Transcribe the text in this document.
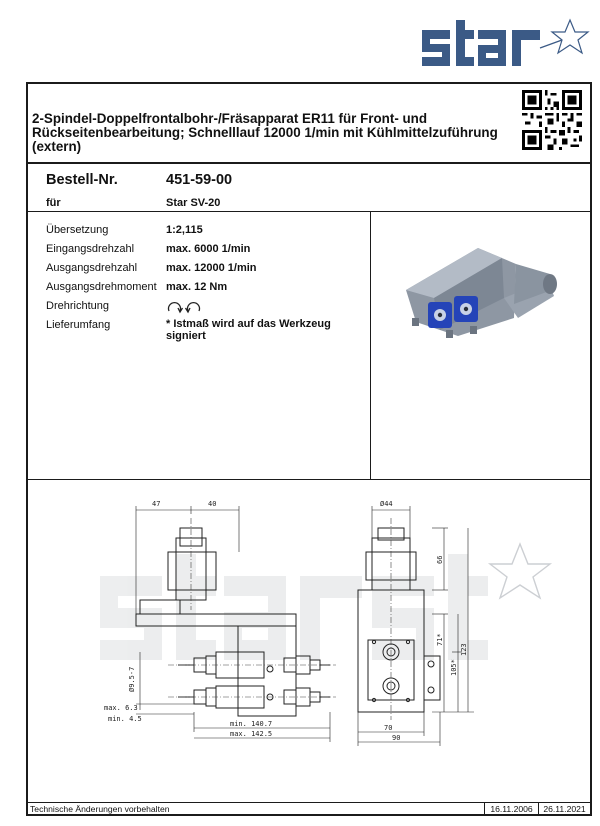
2-Spindel-Doppelfrontalbohr-/Fräsapparat ER11 für Front- und Rückseitenbearbeitung; Schnelllauf 12000 1/min mit Kühlmittelzuführung (extern)
Bestell-Nr.	451-59-00
für	Star SV-20
Übersetzung	1:2,115
Eingangsdrehzahl	max. 6000 1/min
Ausgangsdrehzahl	max. 12000 1/min
Ausgangsdrehmoment max. 12 Nm
Drehrichtung
Lieferumfang	* Istmaß wird auf das Werkzeug signiert
47	40	Ø44
66
71*
105*
123
Ø9.5-7
max. 6.3
min. 4.5
min. 140.7
max. 142.5
70
90
Technische Änderungen vorbehalten	16.11.2006	26.11.2021
